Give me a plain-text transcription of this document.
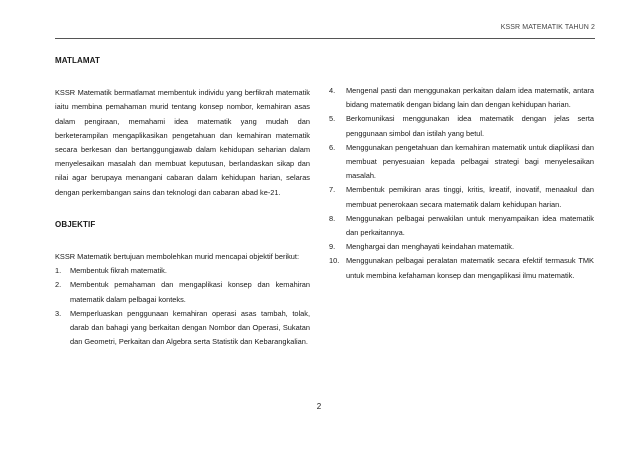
KSSR MATEMATIK TAHUN 2
MATLAMAT
KSSR Matematik bermatlamat membentuk individu yang berfikrah matematik iaitu membina pemahaman murid tentang konsep nombor, kemahiran asas dalam pengiraan, memahami idea matematik yang mudah dan berketerampilan mengaplikasikan pengetahuan dan kemahiran matematik secara berkesan dan bertanggungjawab dalam kehidupan seharian dalam menyelesaikan masalah dan membuat keputusan, berlandaskan sikap dan nilai agar berupaya menangani cabaran dalam kehidupan harian, selaras dengan perkembangan sains dan teknologi dan cabaran abad ke-21.
OBJEKTIF
KSSR Matematik bertujuan membolehkan murid mencapai objektif berikut:
1. Membentuk fikrah matematik.
2. Membentuk pemahaman dan mengaplikasi konsep dan kemahiran matematik dalam pelbagai konteks.
3. Memperluaskan penggunaan kemahiran operasi asas tambah, tolak, darab dan bahagi yang berkaitan dengan Nombor dan Operasi, Sukatan dan Geometri, Perkaitan dan Algebra serta Statistik dan Kebarangkalian.
4. Mengenal pasti dan menggunakan perkaitan dalam idea matematik, antara bidang matematik dengan bidang lain dan dengan kehidupan harian.
5. Berkomunikasi menggunakan idea matematik dengan jelas serta penggunaan simbol dan istilah yang betul.
6. Menggunakan pengetahuan dan kemahiran matematik untuk diaplikasi dan membuat penyesuaian kepada pelbagai strategi bagi menyelesaikan masalah.
7. Membentuk pemikiran aras tinggi, kritis, kreatif, inovatif, menaakul dan membuat penerokaan secara matematik dalam kehidupan harian.
8. Menggunakan pelbagai perwakilan untuk menyampaikan idea matematik dan perkaitannya.
9. Menghargai dan menghayati keindahan matematik.
10. Menggunakan pelbagai peralatan matematik secara efektif termasuk TMK untuk membina kefahaman konsep dan mengaplikasi ilmu matematik.
2
